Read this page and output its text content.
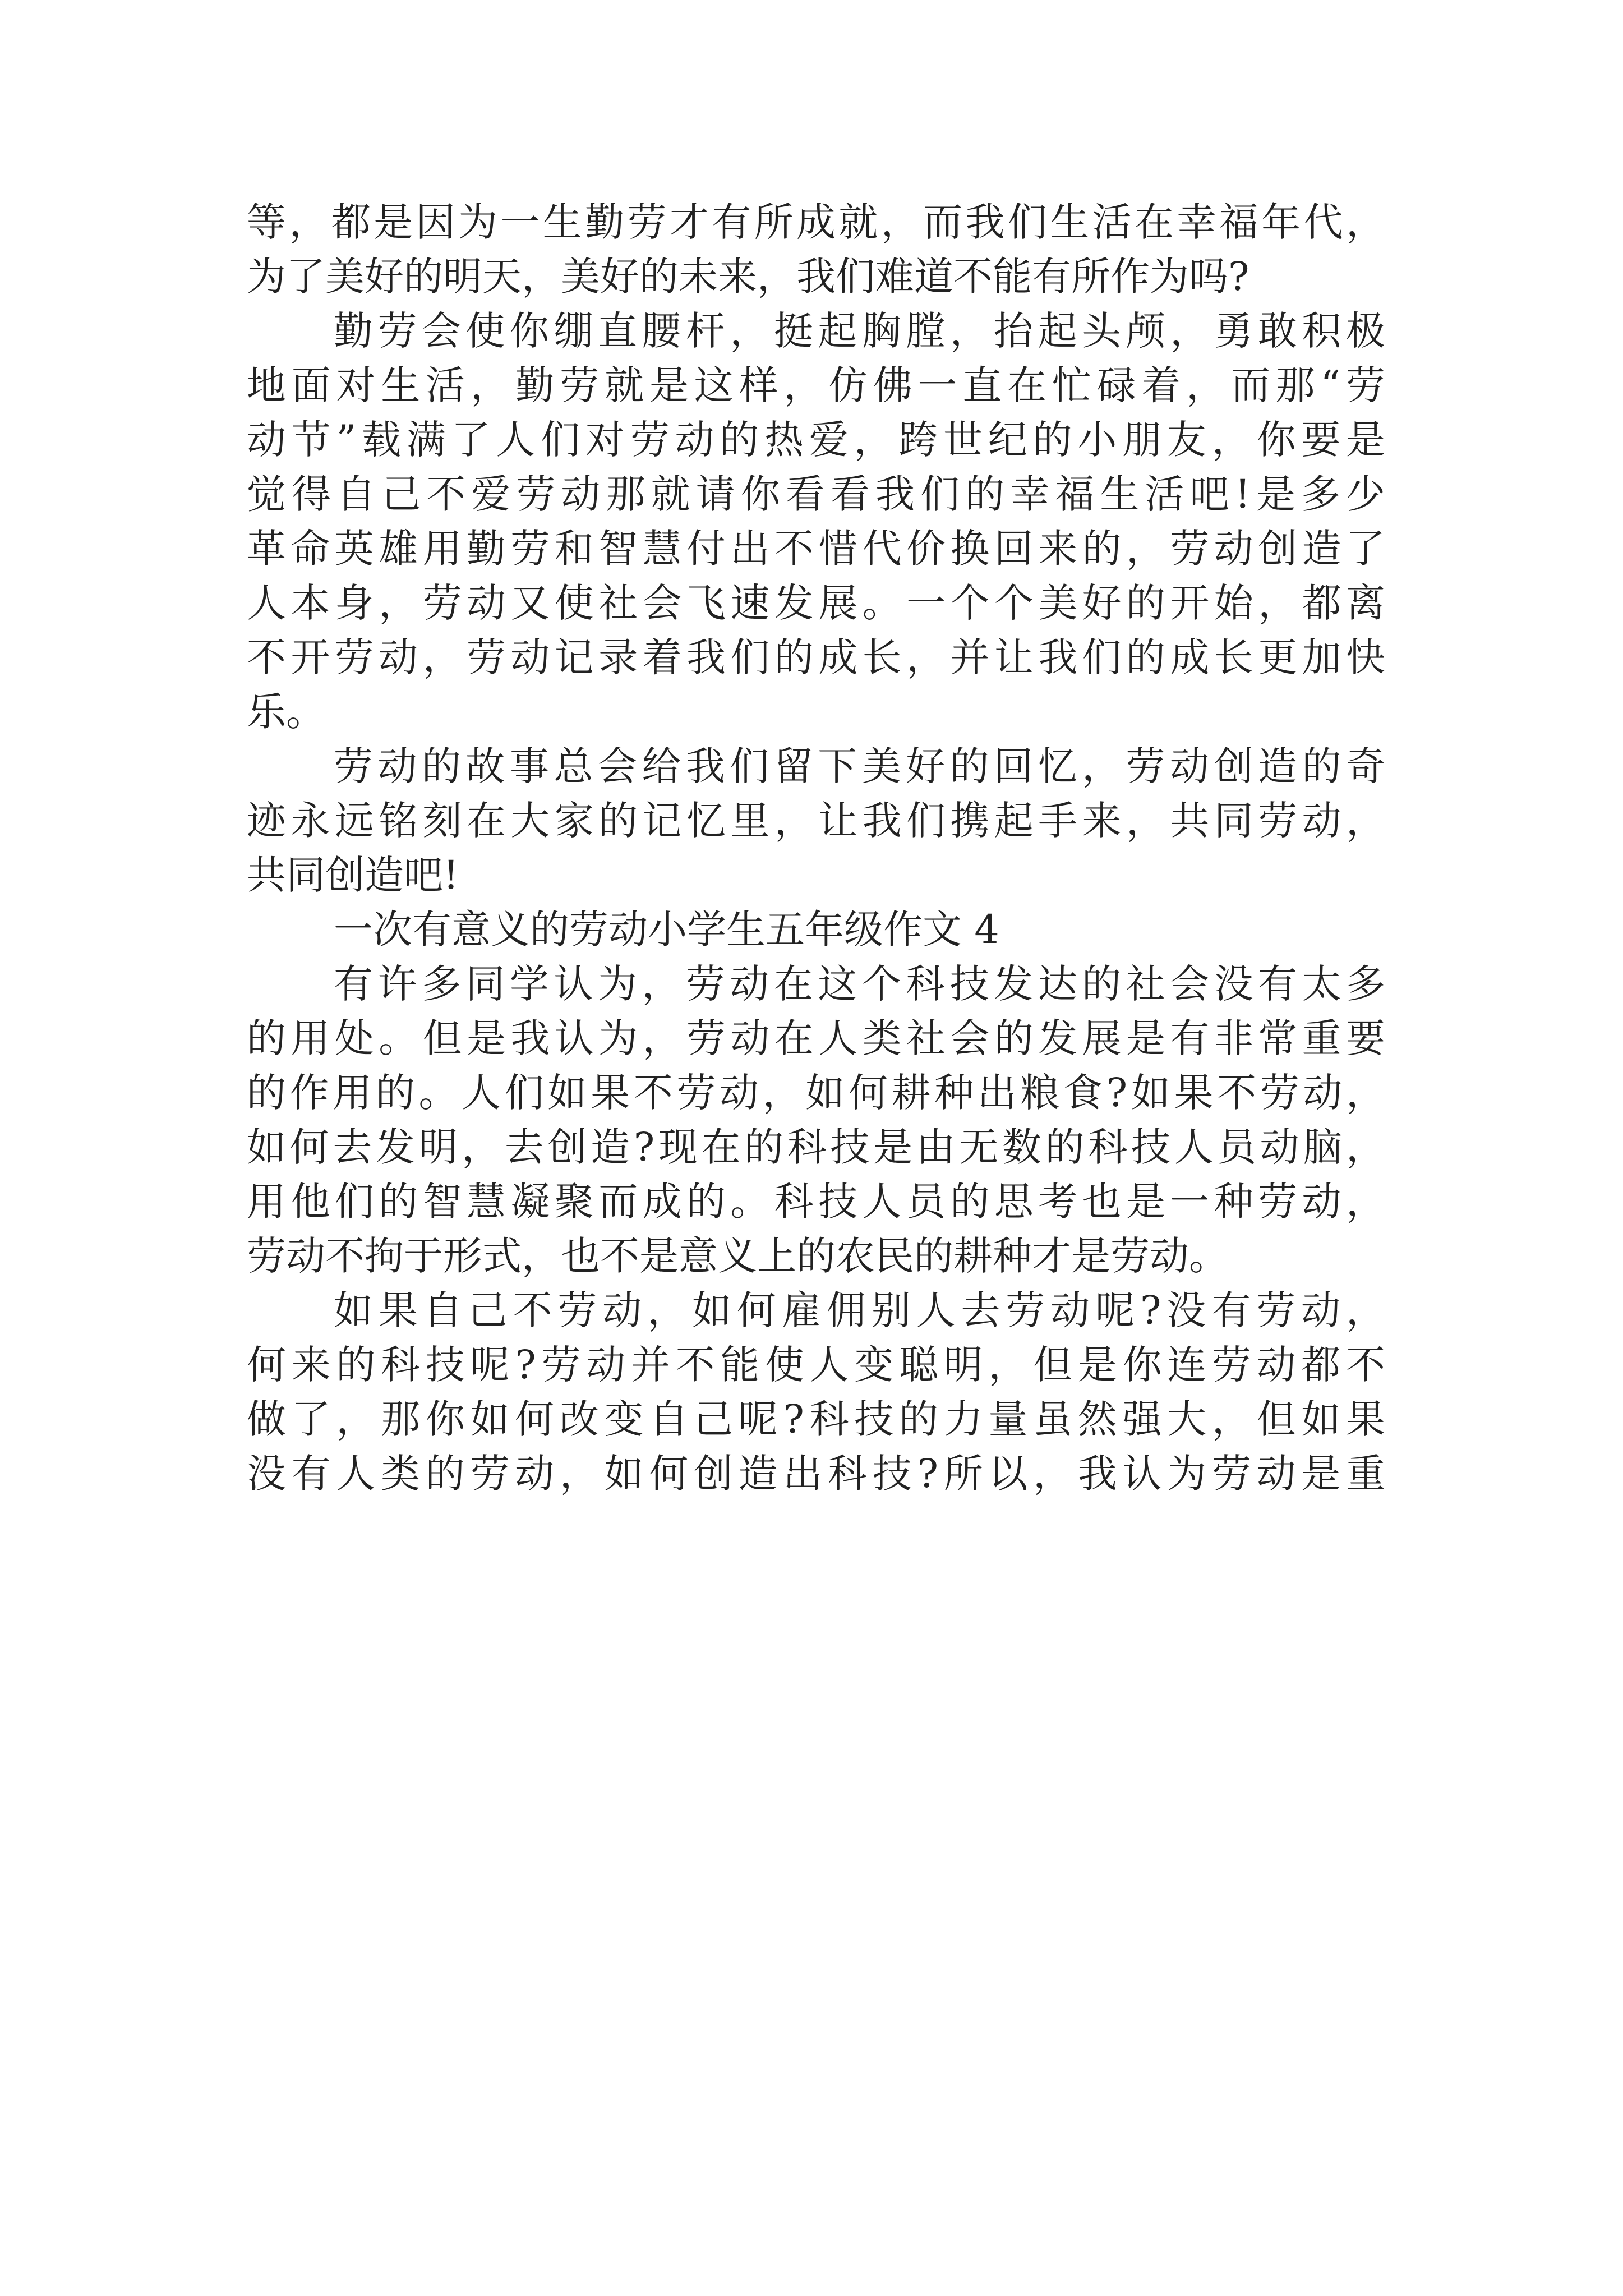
等，都是因为一生勤劳才有所成就，而我们生活在幸福年代，
为了美好的明天，美好的未来，我们难道不能有所作为吗?
勤劳会使你绷直腰杆，挺起胸膛，抬起头颅，勇敢积极
地面对生活，勤劳就是这样，仿佛一直在忙碌着，而那“劳
动节”载满了人们对劳动的热爱，跨世纪的小朋友，你要是
觉得自己不爱劳动那就请你看看我们的幸福生活吧!是多少
革命英雄用勤劳和智慧付出不惜代价换回来的，劳动创造了
人本身，劳动又使社会飞速发展。一个个美好的开始，都离
不开劳动，劳动记录着我们的成长，并让我们的成长更加快
乐。
劳动的故事总会给我们留下美好的回忆，劳动创造的奇
迹永远铭刻在大家的记忆里，让我们携起手来，共同劳动，
共同创造吧!
一次有意义的劳动小学生五年级作文 4
有许多同学认为，劳动在这个科技发达的社会没有太多
的用处。但是我认为，劳动在人类社会的发展是有非常重要
的作用的。人们如果不劳动，如何耕种出粮食?如果不劳动，
如何去发明，去创造?现在的科技是由无数的科技人员动脑，
用他们的智慧凝聚而成的。科技人员的思考也是一种劳动，
劳动不拘于形式，也不是意义上的农民的耕种才是劳动。
如果自己不劳动，如何雇佣别人去劳动呢?没有劳动，
何来的科技呢?劳动并不能使人变聪明，但是你连劳动都不
做了，那你如何改变自己呢?科技的力量虽然强大，但如果
没有人类的劳动，如何创造出科技?所以，我认为劳动是重
